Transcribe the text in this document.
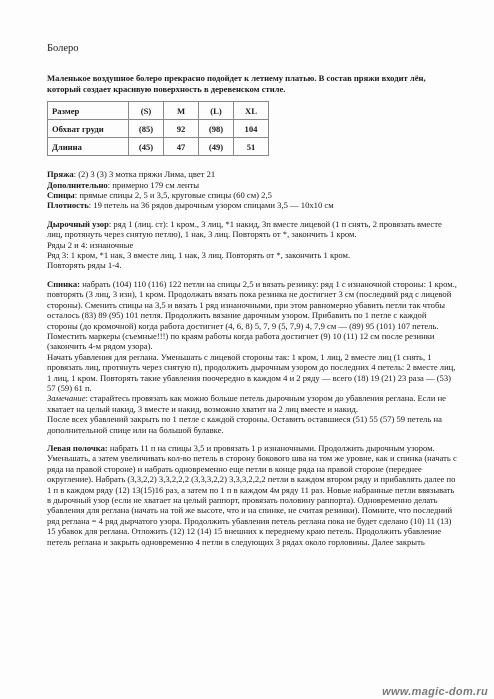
Болеро

Маленькое воздушное болеро прекрасно подойдет к летнему платью. В состав пряжи входит лён, который создает красивую поверхность в деревенском стиле.

Размер	(S)	M	(L)	XL
Обхват груди	(85)	92	(98)	104
Длинна	(45)	47	(49)	51

Пряжа: (2) 3 (3) 3 мотка пряжи Лима, цвет 21

Дополнительно: примерно 179 см ленты

Спицы: прямые спицы 2, 5 и 3,5, круговые спицы (60 см) 2,5

Плотность: 19 петель на 36 рядов дырочным узором спицами 3,5 — 10х10 см

Дырочный узор: ряд 1 (лиц. ст): 1 кром., 3 лиц, *1 накид, 3п вместе лицевой (1 п снять, 2 провязать вместе лиц, протянуть через снятую петлю), 1 нак, 3 лиц. Повторять от *, закончить 1 кром.

Ряды 2 и 4: изнаночные

Ряд 3: 1 кром, *1 нак, 3 вместе лиц, 1 нак, 3 лиц. Повторять от *, закончить 1 кром.

Повторять ряды 1-4.

Спинка: набрать (104) 110 (116) 122 петли на спицы 2,5 и вязать резинку: ряд 1 с изнаночной стороны: 1 кром., повторять (3 лиц, 3 изн), 1 кром. Продолжать вязать пока резинка не достигнет 3 см (последний ряд с лицевой стороны). Сменить спицы на 3,5 и вязать 1 ряд изнаночными, при этом равномерно убавить петли так чтобы осталось (83) 89 (95) 101 петля. Продолжить вязание дарочным узором. Прибавить по 1 петле с каждой стороны (до кромочной) когда работа достигнет (4, 6, 8) 5, 7, 9 (5, 7,9) 4, 7,9 см — (89) 95 (101) 107 петель. Поместить маркеры (съемные!!!) по краям работы когда работа достигнет (9) 10 (11) 12 см после резинки (закончить 4-м рядом узора).

Начать убавления для реглана. Уменьшать с лицевой стороны так: 1 кром, 1 лиц, 2 вместе лиц (1 снять, 1 провязать лиц, протянуть через снятую п), продолжить дырочным узором до последних 4 петель: 2 вместе лиц, 1 лиц, 1 кром. Повторять такие убавления поочередно в каждом 4 и 2 ряду — всего (18) 19 (21) 23 раза — (53) 57 (59) 61 п.

Замечание: старайтесь провязать как можно больше петель дырочным узором до убавления реглана. Если не хватает на целый накид, 3 вместе и накид, возможно хватит на 2 лиц вместе и накид.

После всех убавлений закрыть по 1 петле с каждой стороны. Оставить оставшиеся (51) 55 (57) 59 петель на дополнительной спице или на большой булавке.

Левая полочка: набрать 11 п на спицы 3,5 и провязать 1 р изнаночными. Продолжить дырочным узором. Уменьшать, а затем увеличивать кол-во петель в сторону бокового шва на том же уровне, как и спинка (начать с ряда на правой стороне) и набрать одновременно еще петли в конце ряда на правой стороне (переднее округление). Набрать (3,3,2,2) 3,3,2,2,2 (3,3,3,2,2) 3,3,3,2,2,2 петли в каждом втором ряду и прибавлять далее по 1 п в каждом ряду (12) 13(15)16 раз, а затем по 1 п в каждом 4м ряду 11 раз. Новые набранные петли ввязывать в дырочный узор (если не хватает на целый раппорт, провязать половину раппорта). Одновременно делать убавления для реглана (начать на той же высоте, что и на спинке, не считая резинки). Помните, что последний ряд реглана = 4 ряд дырчатого узора. Продолжить убавления петель реглана пока не будет сделано (10) 11 (13) 15 убавок для реглана. Отложить (12) 12 (14) 15 внешних к переднему краю петель. Продолжить убавление петель реглана и закрыть одновременно 4 петли в следующих 3 рядах около горловины. Далее закрыть

www.magic-dom.ru
